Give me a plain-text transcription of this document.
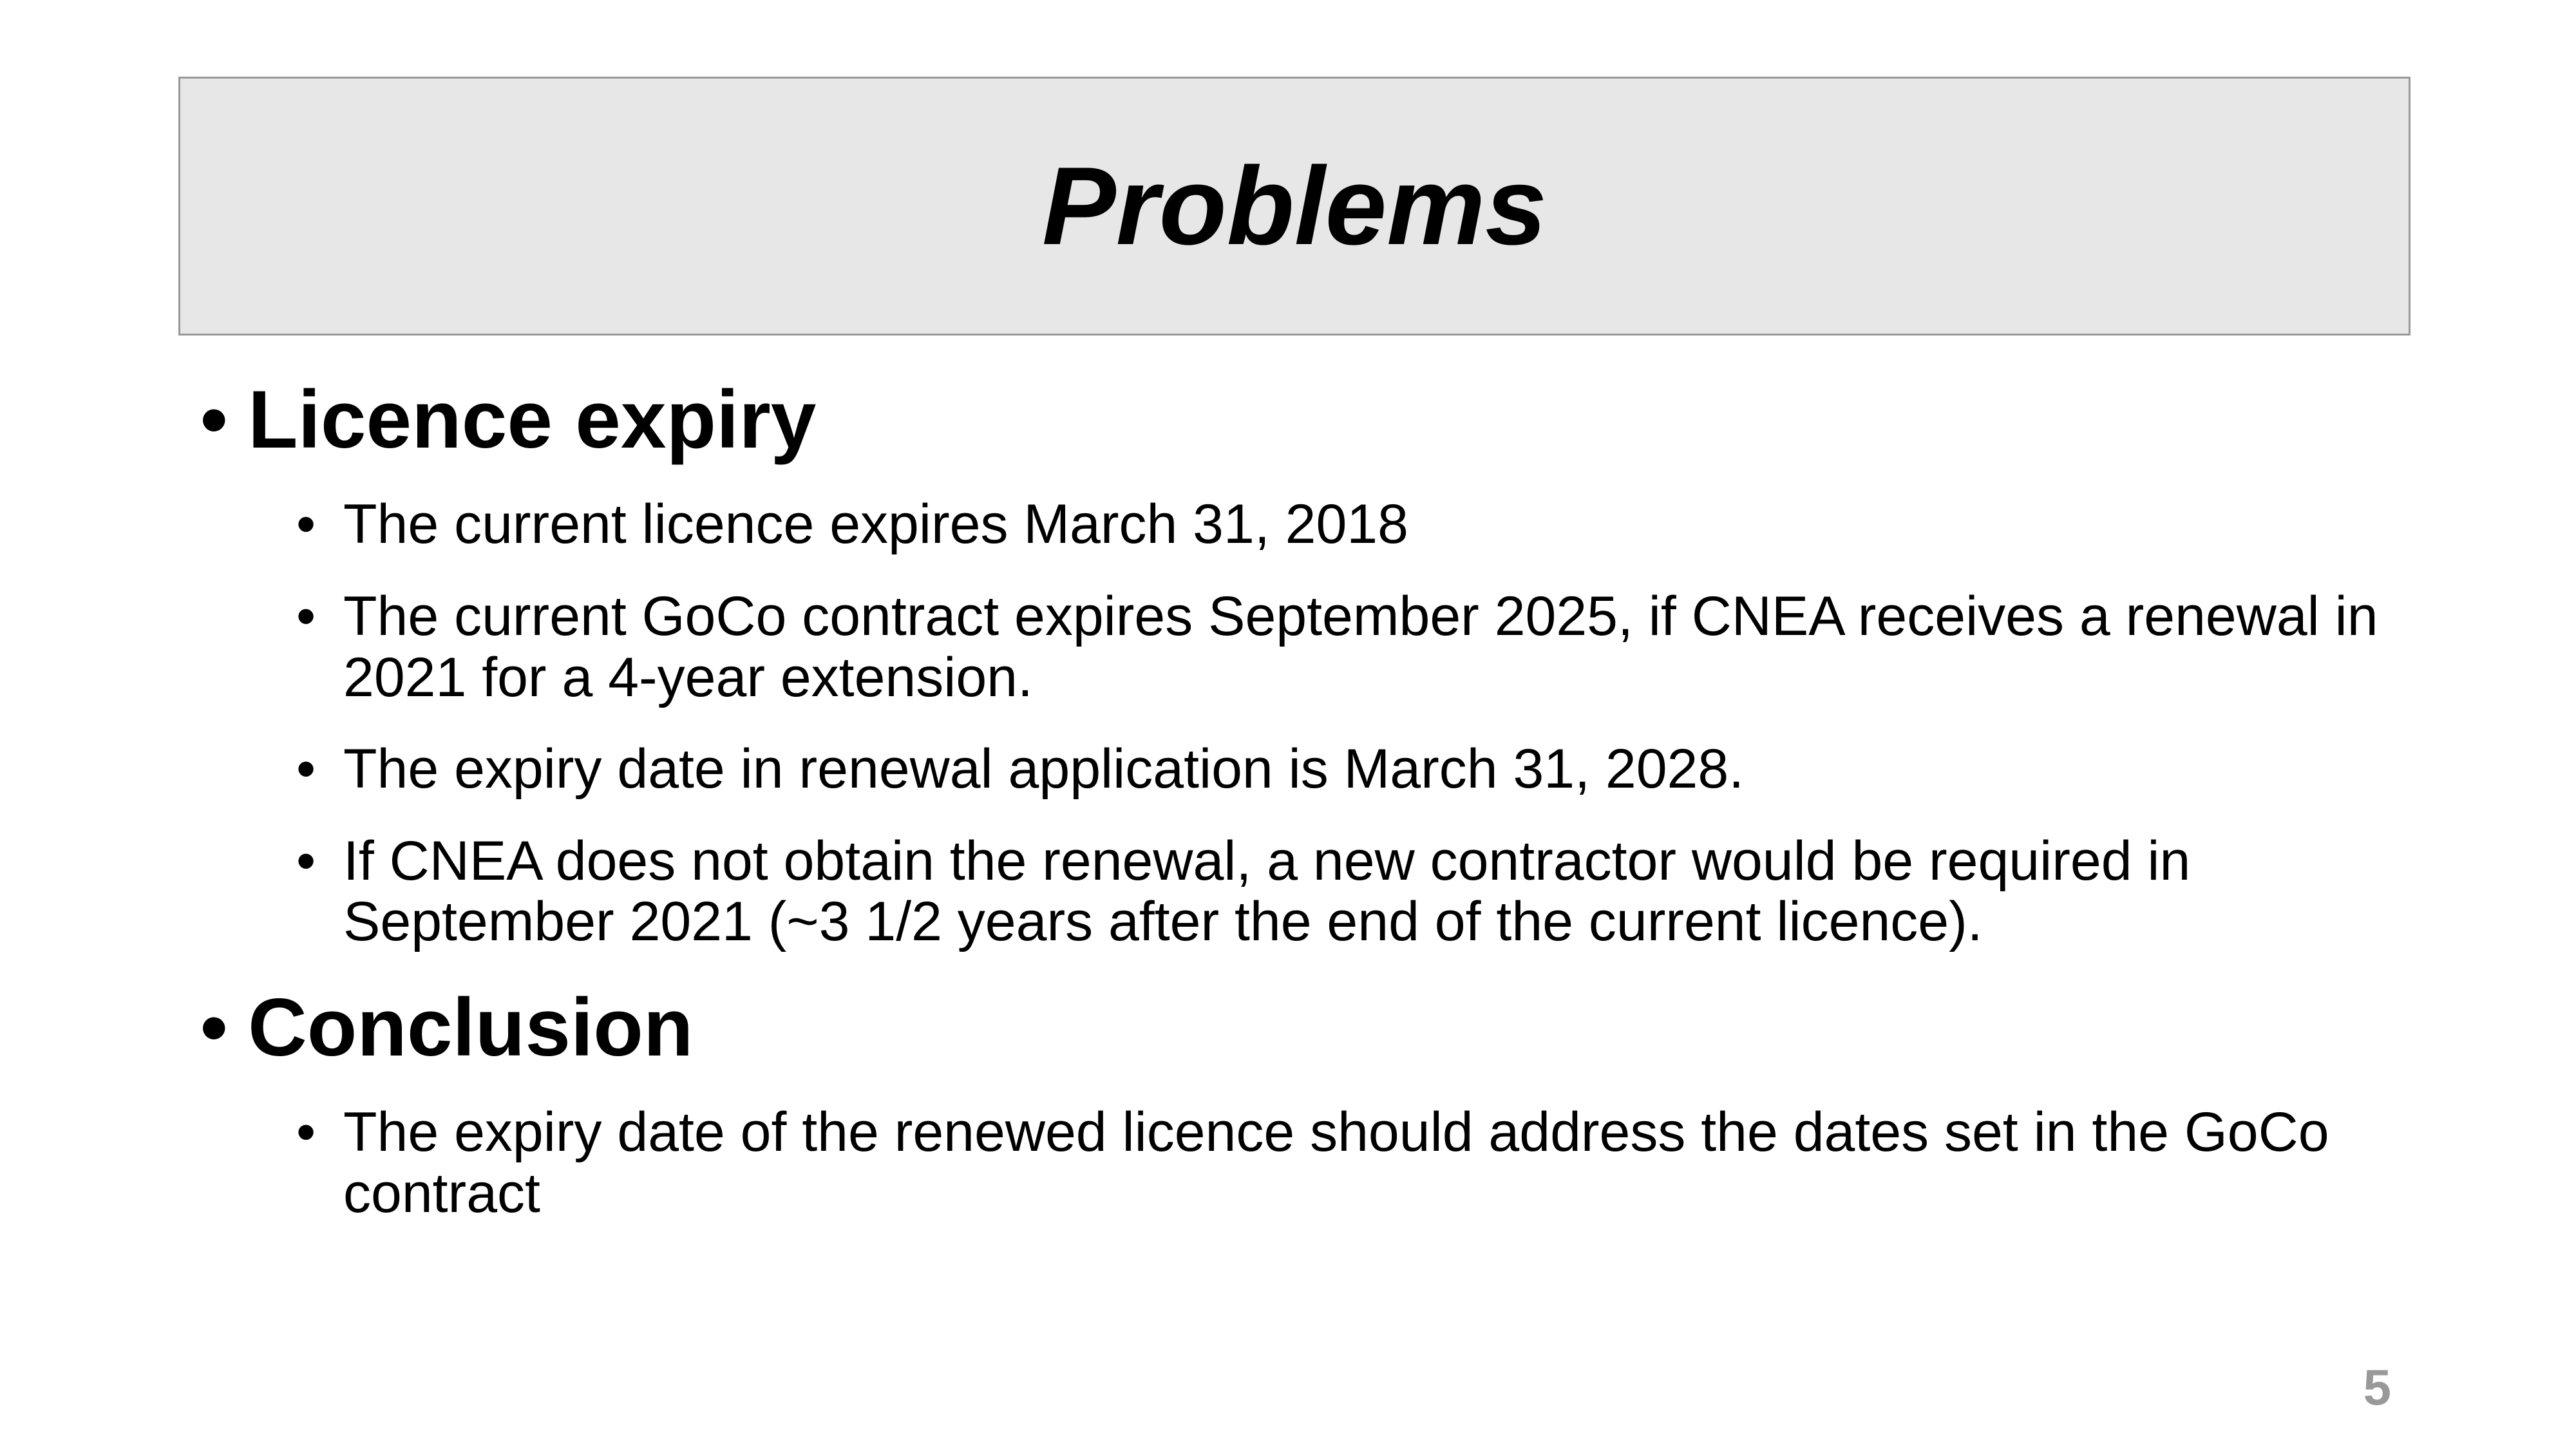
Problems

• Licence expiry

• The current licence expires March 31, 2018
• The current GoCo contract expires September 2025, if CNEA receives a renewal in 2021 for a 4-year extension.
• The expiry date in renewal application is March 31, 2028.
• If CNEA does not obtain the renewal, a new contractor would be required in September 2021 (~3 1/2 years after the end of the current licence).

• Conclusion

• The expiry date of the renewed licence should address the dates set in the GoCo contract
5
